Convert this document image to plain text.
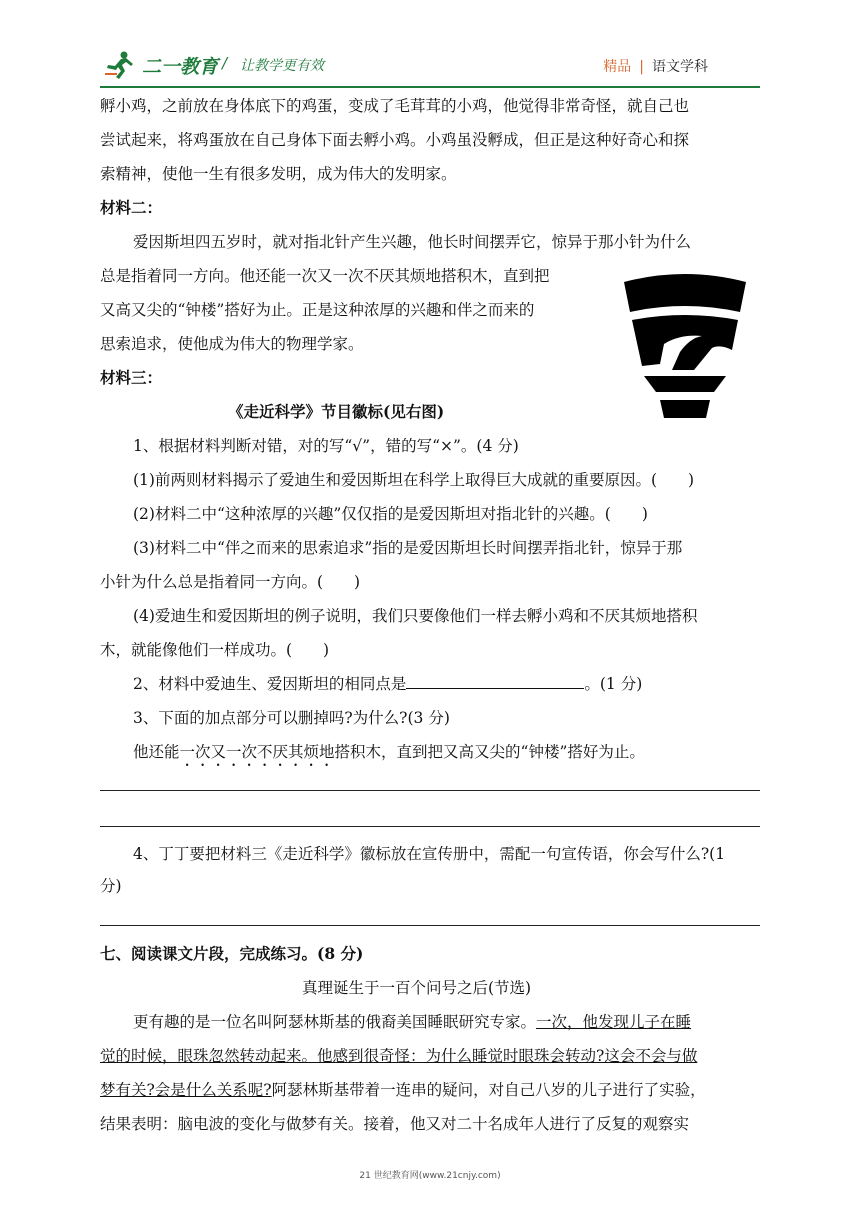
二一教育 / 让教学更有效	精品 | 语文学科
孵小鸡，之前放在身体底下的鸡蛋，变成了毛茸茸的小鸡，他觉得非常奇怪，就自己也
尝试起来，将鸡蛋放在自己身体下面去孵小鸡。小鸡虽没孵成，但正是这种好奇心和探
索精神，使他一生有很多发明，成为伟大的发明家。
材料二：
爱因斯坦四五岁时，就对指北针产生兴趣，他长时间摆弄它，惊异于那小针为什么
总是指着同一方向。他还能一次又一次不厌其烦地搭积木，直到把
又高又尖的“钟楼”搭好为止。正是这种浓厚的兴趣和伴之而来的
思索追求，使他成为伟大的物理学家。
材料三：
《走近科学》节目徽标(见右图)
1、根据材料判断对错，对的写“√”，错的写“×”。(4 分)
(1)前两则材料揭示了爱迪生和爱因斯坦在科学上取得巨大成就的重要原因。(　　)
(2)材料二中“这种浓厚的兴趣”仅仅指的是爱因斯坦对指北针的兴趣。(　　)
(3)材料二中“伴之而来的思索追求”指的是爱因斯坦长时间摆弄指北针，惊异于那
小针为什么总是指着同一方向。(　　)
(4)爱迪生和爱因斯坦的例子说明，我们只要像他们一样去孵小鸡和不厌其烦地搭积
木，就能像他们一样成功。(　　)
2、材料中爱迪生、爱因斯坦的相同点是	。(1 分)
3、下面的加点部分可以删掉吗?为什么?(3 分)
他还能一次又一次不厌其烦地搭积木，直到把又高又尖的“钟楼”搭好为止。
4、丁丁要把材料三《走近科学》徽标放在宣传册中，需配一句宣传语，你会写什么?(1
分)
七、阅读课文片段，完成练习。(8 分)
真理诞生于一百个问号之后(节选)
更有趣的是一位名叫阿瑟林斯基的俄裔美国睡眠研究专家。一次，他发现儿子在睡
觉的时候，眼珠忽然转动起来。他感到很奇怪：为什么睡觉时眼珠会转动?这会不会与做
梦有关?会是什么关系呢?阿瑟林斯基带着一连串的疑问，对自己八岁的儿子进行了实验，
结果表明：脑电波的变化与做梦有关。接着，他又对二十名成年人进行了反复的观察实
21 世纪教育网(www.21cnjy.com)
